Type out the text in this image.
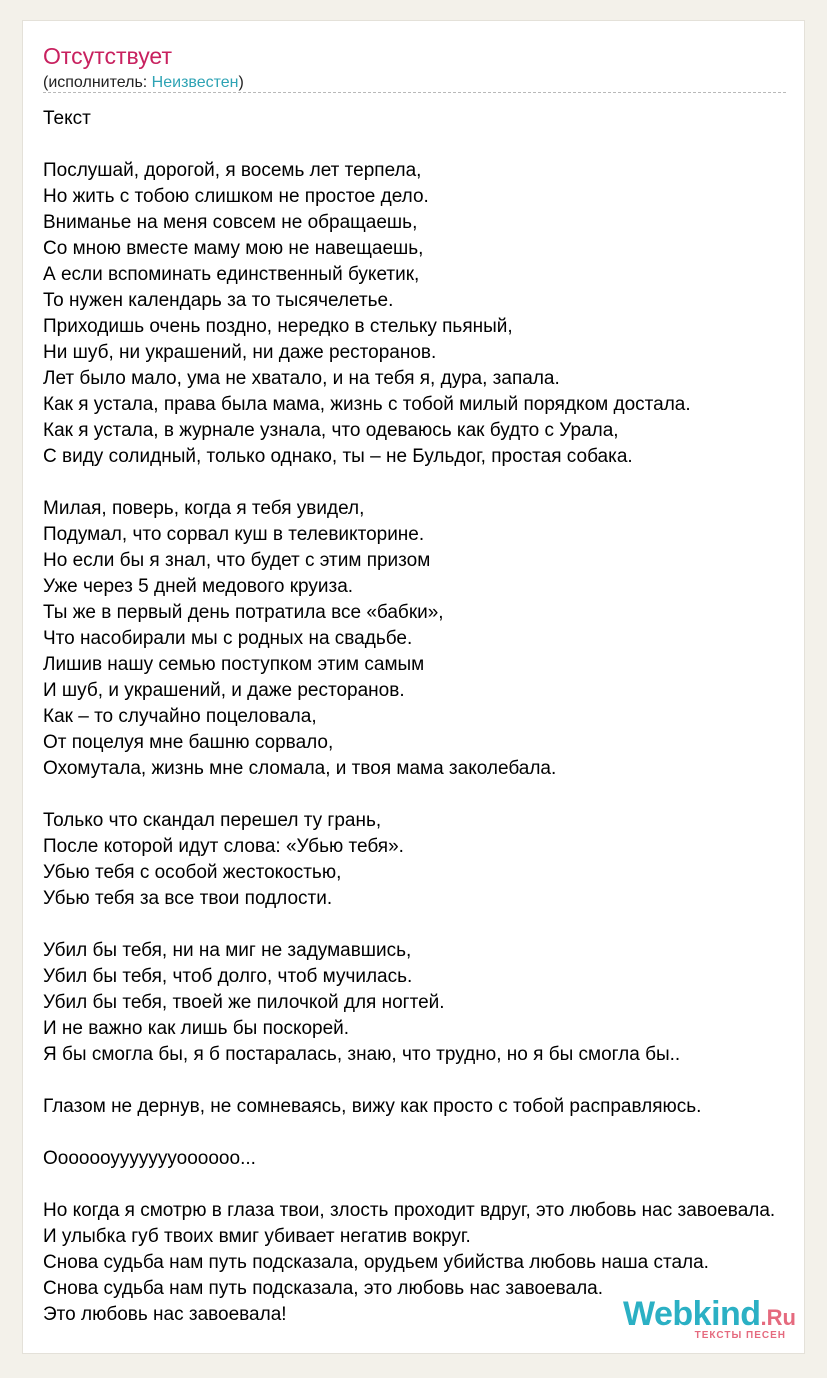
Отсутствует
(исполнитель: Неизвестен)
Текст
Послушай, дорогой, я восемь лет терпела,
Но жить с тобою слишком не простое дело.
Вниманье на меня совсем не обращаешь,
Со мною вместе маму мою не навещаешь,
А если вспоминать единственный букетик,
То нужен календарь за то тысячелетье.
Приходишь очень поздно, нередко в стельку пьяный,
Ни шуб, ни украшений, ни даже ресторанов.
Лет было мало, ума не хватало, и на тебя я, дура, запала.
Как я устала, права была мама, жизнь с тобой милый порядком достала.
Как я устала, в журнале узнала, что одеваюсь как будто с Урала,
С виду солидный, только однако, ты – не Бульдог, простая собака.
Милая, поверь, когда я тебя увидел,
Подумал, что сорвал куш в телевикторине.
Но если бы я знал, что будет с этим призом
Уже через 5 дней медового круиза.
Ты же в первый день потратила все «бабки»,
Что насобирали мы с родных на свадьбе.
Лишив нашу семью поступком этим самым
И шуб, и украшений, и даже ресторанов.
Как – то случайно поцеловала,
От поцелуя мне башню сорвало,
Охомутала, жизнь мне сломала, и твоя мама заколебала.
Только что скандал перешел ту грань,
После которой идут слова: «Убью тебя».
Убью тебя с особой жестокостью,
Убью тебя за все твои подлости.
Убил бы тебя, ни на миг не задумавшись,
Убил бы тебя, чтоб долго, чтоб мучилась.
Убил бы тебя, твоей же пилочкой для ногтей.
И не важно как лишь бы поскорей.
Я бы смогла бы, я б постаралась, знаю, что трудно, но я бы смогла бы..
Глазом не дернув, не сомневаясь, вижу как просто с тобой расправляюсь.
Ооооооуууууууоооооо...
Но когда я смотрю в глаза твои, злость проходит вдруг, это любовь нас завоевала.
И улыбка губ твоих вмиг убивает негатив вокруг.
Снова судьба нам путь подсказала, орудьем убийства любовь наша стала.
Снова судьба нам путь подсказала, это любовь нас завоевала.
Это любовь нас завоевала!	Webkind.Ru
ТЕКСТЫ ПЕСЕН
